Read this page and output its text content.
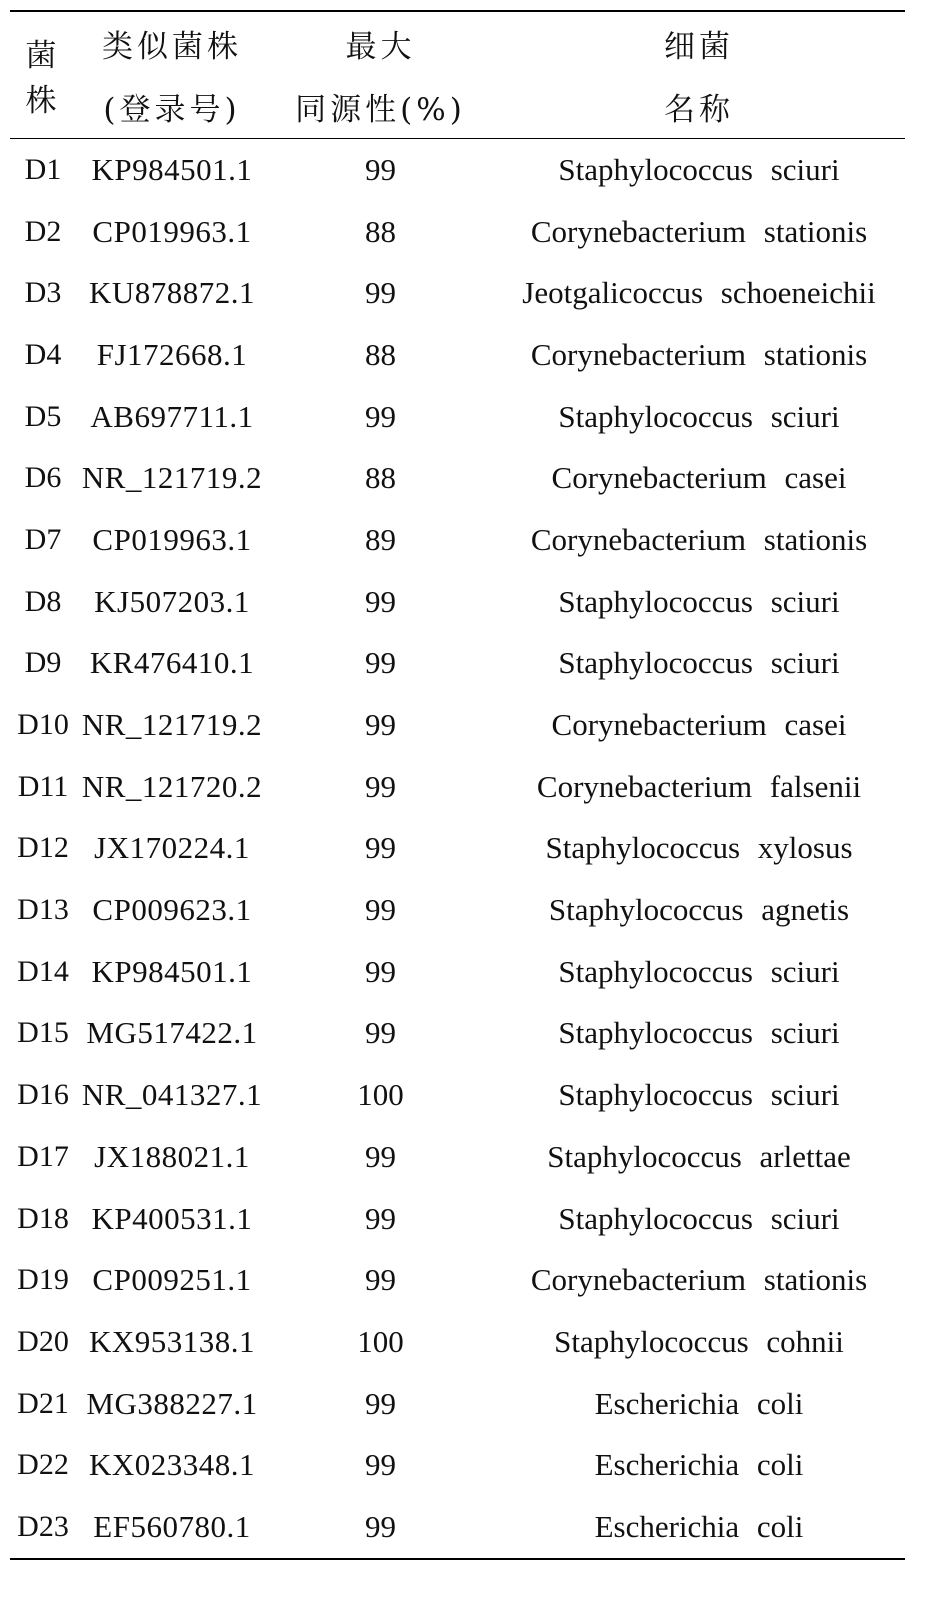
菌株	类似菌株	最大	细菌
	(登录号)	同源性(%)	名称
D1	KP984501.1	99	Staphylococcus sciuri
D2	CP019963.1	88	Corynebacterium stationis
D3	KU878872.1	99	Jeotgalicoccus schoeneichii
D4	FJ172668.1	88	Corynebacterium stationis
D5	AB697711.1	99	Staphylococcus sciuri
D6	NR_121719.2	88	Corynebacterium casei
D7	CP019963.1	89	Corynebacterium stationis
D8	KJ507203.1	99	Staphylococcus sciuri
D9	KR476410.1	99	Staphylococcus sciuri
D10	NR_121719.2	99	Corynebacterium casei
D11	NR_121720.2	99	Corynebacterium falsenii
D12	JX170224.1	99	Staphylococcus xylosus
D13	CP009623.1	99	Staphylococcus agnetis
D14	KP984501.1	99	Staphylococcus sciuri
D15	MG517422.1	99	Staphylococcus sciuri
D16	NR_041327.1	100	Staphylococcus sciuri
D17	JX188021.1	99	Staphylococcus arlettae
D18	KP400531.1	99	Staphylococcus sciuri
D19	CP009251.1	99	Corynebacterium stationis
D20	KX953138.1	100	Staphylococcus cohnii
D21	MG388227.1	99	Escherichia coli
D22	KX023348.1	99	Escherichia coli
D23	EF560780.1	99	Escherichia coli
